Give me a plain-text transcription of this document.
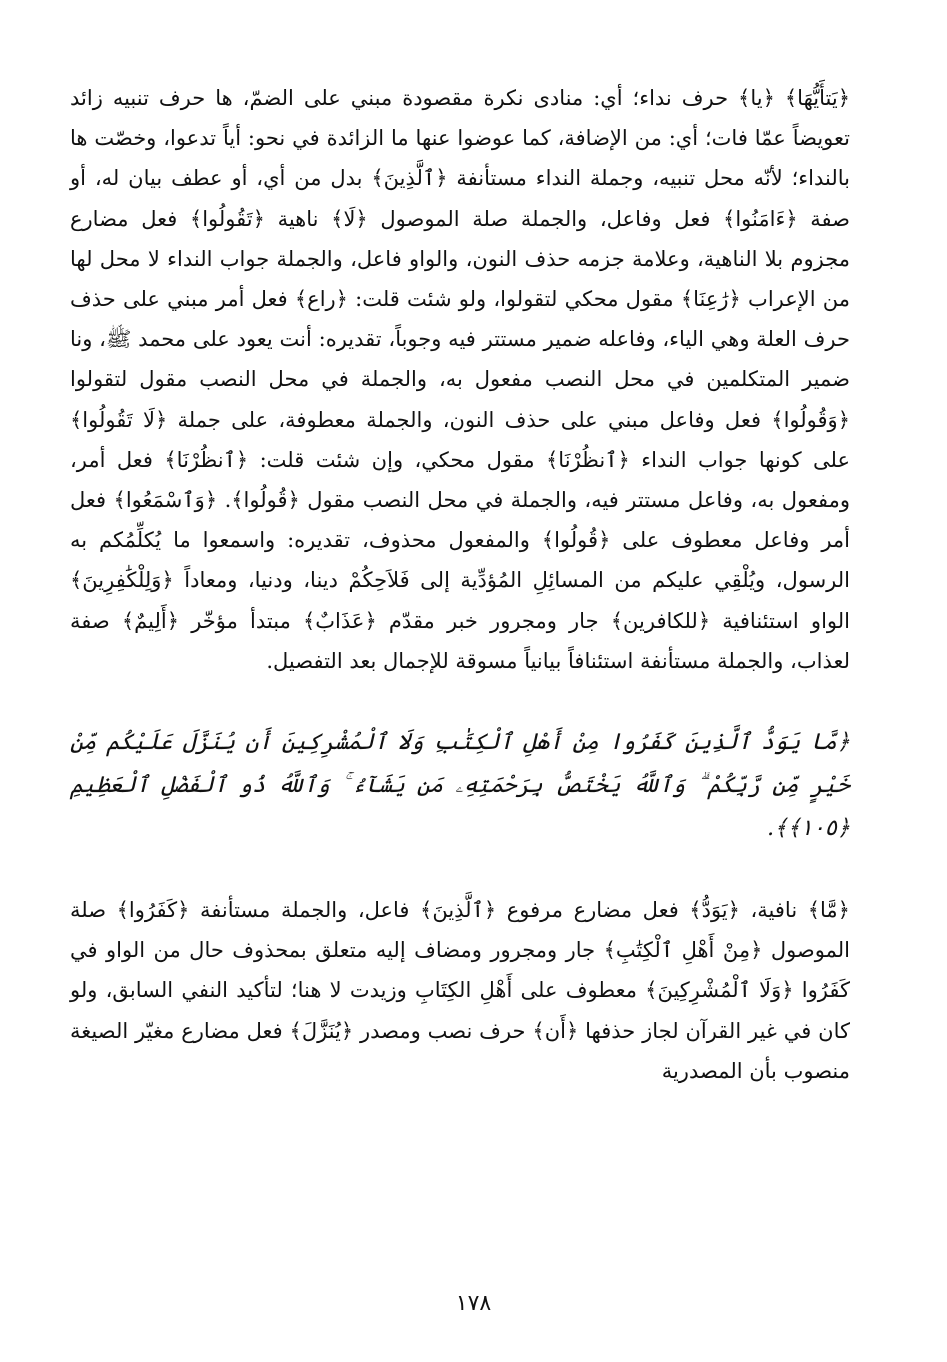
﴿يَتأَيُّهَا﴾ ﴿يا﴾ حرف نداء؛ أي: منادى نكرة مقصودة مبني على الضمّ، ها حرف تنبيه زائد تعويضاً عمّا فات؛ أي: من الإضافة، كما عوضوا عنها ما الزائدة في نحو: أياً تدعوا، وخصّت ها بالنداء؛ لأنّه محل تنبيه، وجملة النداء مستأنفة ﴿ٱلَّذِينَ﴾ بدل من أي، أو عطف بيان له، أو صفة ﴿ءَامَنُوا﴾ فعل وفاعل، والجملة صلة الموصول ﴿لَا﴾ ناهية ﴿تَقُولُوا﴾ فعل مضارع مجزوم بلا الناهية، وعلامة جزمه حذف النون، والواو فاعل، والجملة جواب النداء لا محل لها من الإعراب ﴿رَٰعِنَا﴾ مقول محكي لتقولوا، ولو شئت قلت: ﴿راع﴾ فعل أمر مبني على حذف حرف العلة وهي الياء، وفاعله ضمير مستتر فيه وجوباً، تقديره: أنت يعود على محمد ﷺ، ونا ضمير المتكلمين في محل النصب مفعول به، والجملة في محل النصب مقول لتقولوا ﴿وَقُولُوا﴾ فعل وفاعل مبني على حذف النون، والجملة معطوفة، على جملة ﴿لَا تَقُولُوا﴾ على كونها جواب النداء ﴿ٱنظُرْنَا﴾ مقول محكي، وإن شئت قلت: ﴿ٱنظُرْنَا﴾ فعل أمر، ومفعول به، وفاعل مستتر فيه، والجملة في محل النصب مقول ﴿قُولُوا﴾. ﴿وَٱسْمَعُوا﴾ فعل أمر وفاعل معطوف على ﴿قُولُوا﴾ والمفعول محذوف، تقديره: واسمعوا ما يُكلِّمُكم به الرسول، ويُلْقِي عليكم من المسائِلِ المُؤدِّية إلى فَلاَحِكُمْ دينا، ودنيا، ومعاداً ﴿وَلِلْكَٰفِرِينَ﴾ الواو استئنافية ﴿للكافرين﴾ جار ومجرور خبر مقدّم ﴿عَذَابٌ﴾ مبتدأ مؤخّر ﴿أَلِيمٌ﴾ صفة لعذاب، والجملة مستأنفة استئنافاً بيانياً مسوقة للإجمال بعد التفصيل.

﴿مَّا يَوَدُّ ٱلَّذِينَ كَفَرُوا مِنْ أَهْلِ ٱلْكِتَٰبِ وَلَا ٱلْمُشْرِكِينَ أَن يُنَزَّلَ عَلَيْكُم مِّنْ خَيْرٍ مِّن رَّبِّكُمْ ۗ وَٱللَّهُ يَخْتَصُّ بِرَحْمَتِهِۦ مَن يَشَآءُ ۚ وَٱللَّهُ ذُو ٱلْفَضْلِ ٱلْعَظِيمِ ﴿١٠٥﴾﴾.

﴿مَّا﴾ نافية، ﴿يَوَدُّ﴾ فعل مضارع مرفوع ﴿ٱلَّذِينَ﴾ فاعل، والجملة مستأنفة ﴿كَفَرُوا﴾ صلة الموصول ﴿مِنْ أَهْلِ ٱلْكِتَٰبِ﴾ جار ومجرور ومضاف إليه متعلق بمحذوف حال من الواو في كَفَرُوا ﴿وَلَا ٱلْمُشْرِكِينَ﴾ معطوف على أَهْلِ الكِتَابِ وزيدت لا هنا؛ لتأكيد النفي السابق، ولو كان في غير القرآن لجاز حذفها ﴿أَن﴾ حرف نصب ومصدر ﴿يُنَزَّلَ﴾ فعل مضارع مغيّر الصيغة منصوب بأن المصدرية

١٧٨
